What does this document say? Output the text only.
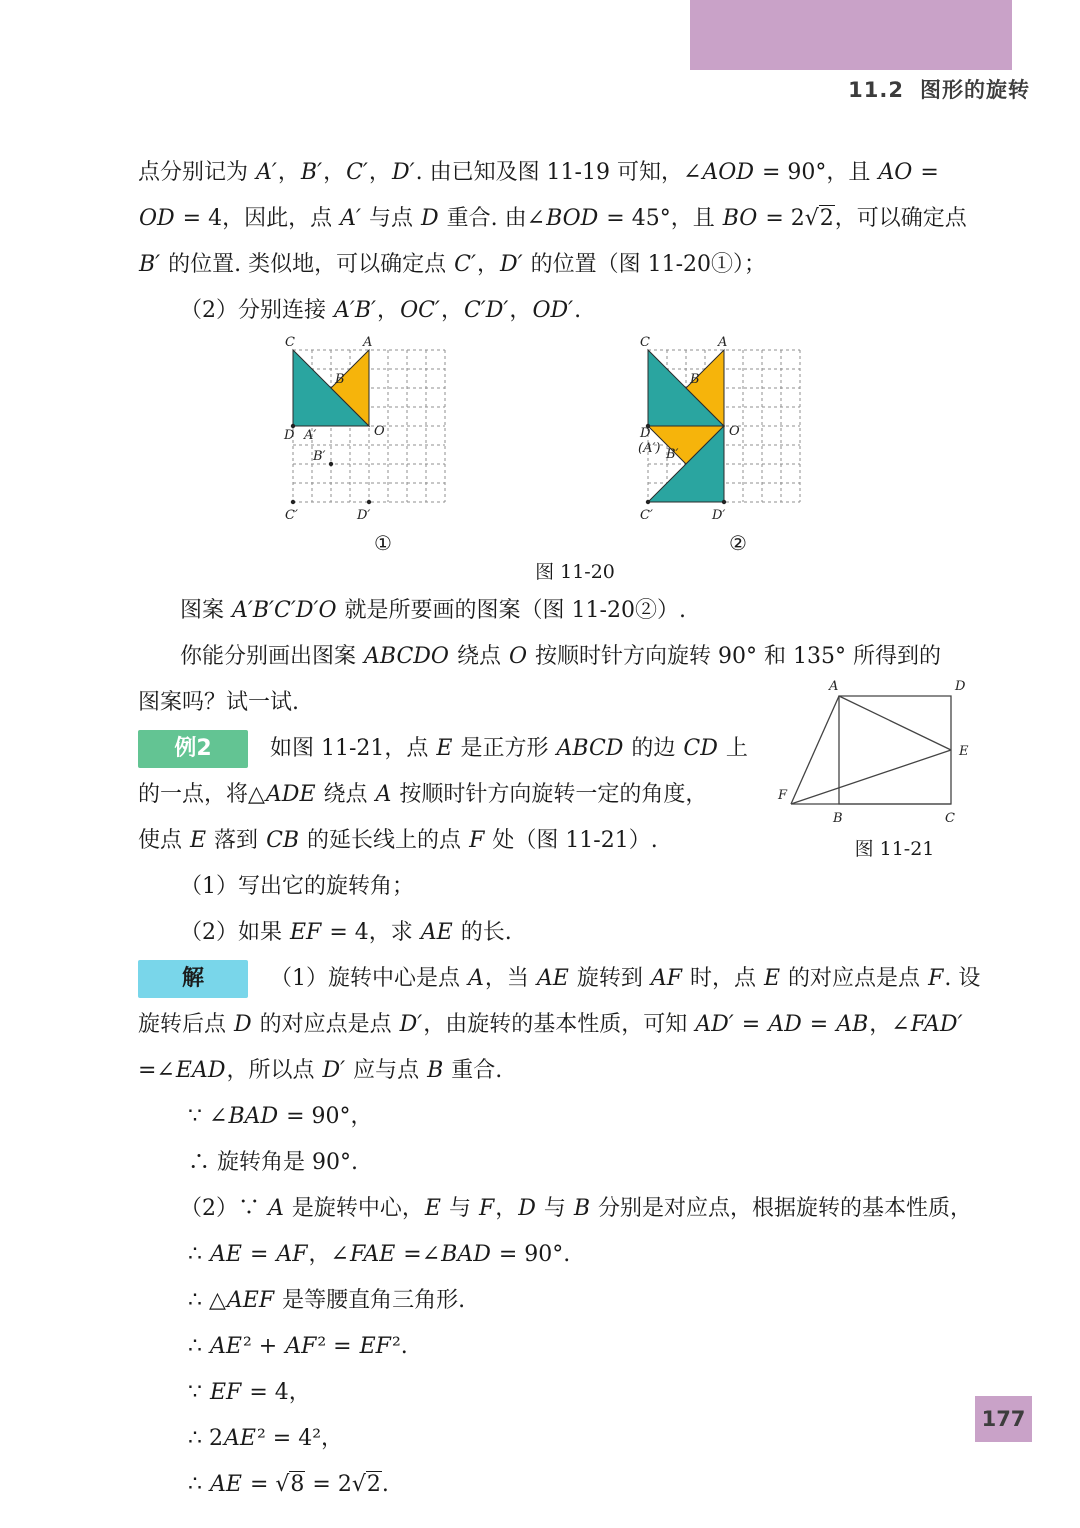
11.2 图形的旋转
点分别记为 A′，B′，C′，D′. 由已知及图 11-19 可知，∠AOD = 90°，且 AO =
OD = 4，因此，点 A′ 与点 D 重合. 由∠BOD = 45°，且 BO = 2√2，可以确定点
B′ 的位置. 类似地，可以确定点 C′，D′ 的位置（图 11-20①）；
（2）分别连接 A′B′，OC′，C′D′，OD′.
C	A
B
D A′	O
B′
C′	D′
①
C	A
B
D
(A′)
O
B′
C′	D′
②
图 11-20
图案 A′B′C′D′O 就是所要画的图案（图 11-20②）.
你能分别画出图案 ABCDO 绕点 O 按顺时针方向旋转 90° 和 135° 所得到的
图案吗？试一试.
A	D
E
B	C
F
图 11-21
例2	如图 11-21，点 E 是正方形 ABCD 的边 CD 上
的一点，将△ADE 绕点 A 按顺时针方向旋转一定的角度，
使点 E 落到 CB 的延长线上的点 F 处（图 11-21）.
（1）写出它的旋转角；
（2）如果 EF = 4，求 AE 的长.
解	（1）旋转中心是点 A，当 AE 旋转到 AF 时，点 E 的对应点是点 F. 设
旋转后点 D 的对应点是点 D′，由旋转的基本性质，可知 AD′ = AD = AB，∠FAD′
=∠EAD，所以点 D′ 应与点 B 重合.
∵ ∠BAD = 90°，
∴ 旋转角是 90°.
（2）∵ A 是旋转中心，E 与 F，D 与 B 分别是对应点，根据旋转的基本性质，
∴ AE = AF，∠FAE =∠BAD = 90°.
∴ △AEF 是等腰直角三角形.
∴ AE² + AF² = EF².
∵ EF = 4，
∴ 2AE² = 4²，
∴ AE = √8 = 2√2.
177
